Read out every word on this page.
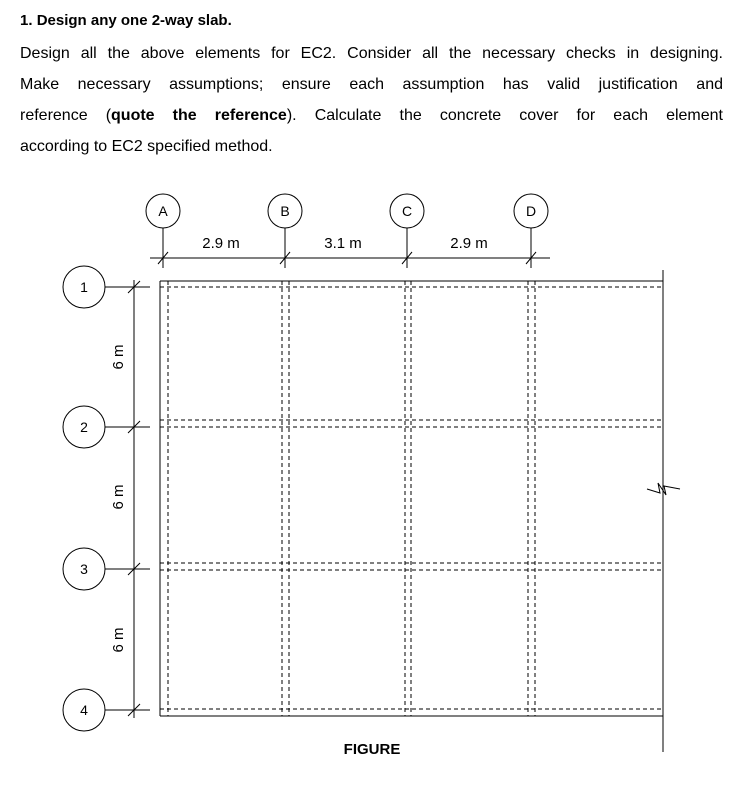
1. Design any one 2-way slab.
Design all the above elements for EC2. Consider all the necessary checks in designing.
Make necessary assumptions; ensure each assumption has valid justification and
reference (quote the reference). Calculate the concrete cover for each element
according to EC2 specified method.
A	B	C	D
1
2
3
4
2.9 m	3.1 m	2.9 m
6 m
6 m
6 m
FIGURE
